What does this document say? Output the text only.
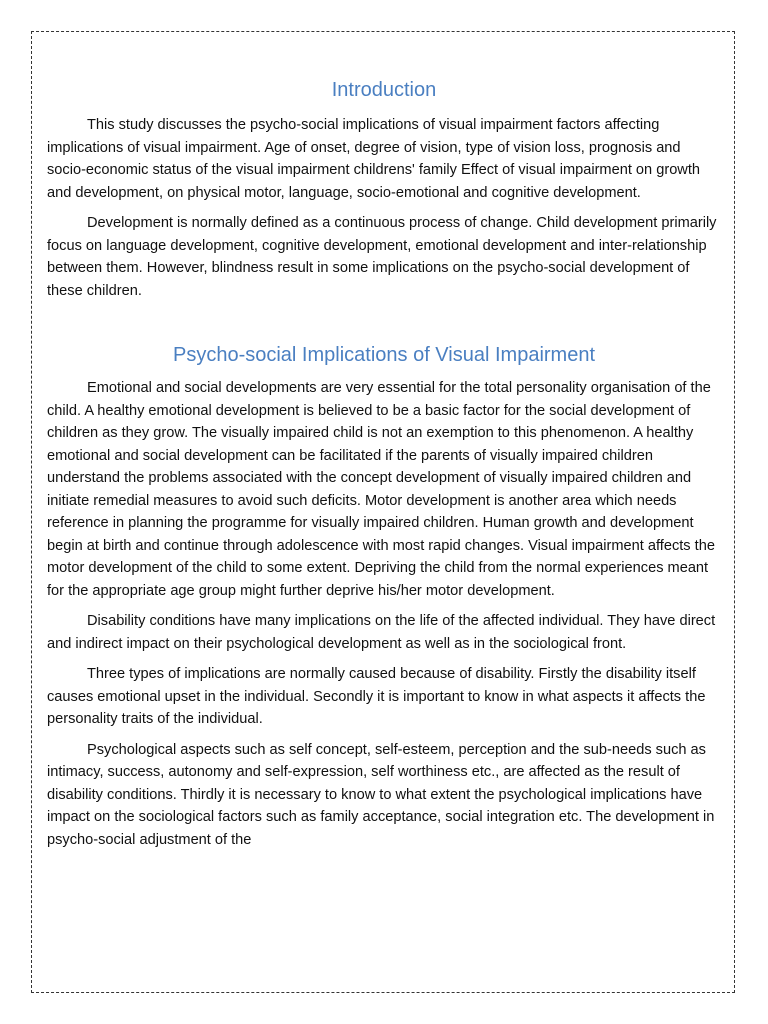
Introduction

This study discusses the psycho-social implications of visual impairment factors affecting implications of visual impairment. Age of onset, degree of vision, type of vision loss, prognosis and socio-economic status of the visual impairment childrens' family Effect of visual impairment on growth and development, on physical motor, language, socio-emotional and cognitive development.

Development is normally defined as a continuous process of change. Child development primarily focus on language development, cognitive development, emotional development and inter-relationship between them. However, blindness result in some implications on the psycho-social development of these children.

Psycho-social Implications of Visual Impairment

Emotional and social developments are very essential for the total personality organisation of the child. A healthy emotional development is believed to be a basic factor for the social development of children as they grow. The visually impaired child is not an exemption to this phenomenon. A healthy emotional and social development can be facilitated if the parents of visually impaired children understand the problems associated with the concept development of visually impaired children and initiate remedial measures to avoid such deficits. Motor development is another area which needs reference in planning the programme for visually impaired children. Human growth and development begin at birth and continue through adolescence with most rapid changes. Visual impairment affects the motor development of the child to some extent. Depriving the child from the normal experiences meant for the appropriate age group might further deprive his/her motor development.

Disability conditions have many implications on the life of the affected individual. They have direct and indirect impact on their psychological development as well as in the sociological front.

Three types of implications are normally caused because of disability. Firstly the disability itself causes emotional upset in the individual. Secondly it is important to know in what aspects it affects the personality traits of the individual.

Psychological aspects such as self concept, self-esteem, perception and the sub-needs such as intimacy, success, autonomy and self-expression, self worthiness etc., are affected as the result of disability conditions. Thirdly it is necessary to know to what extent the psychological implications have impact on the sociological factors such as family acceptance, social integration etc. The development in psycho-social adjustment of the
